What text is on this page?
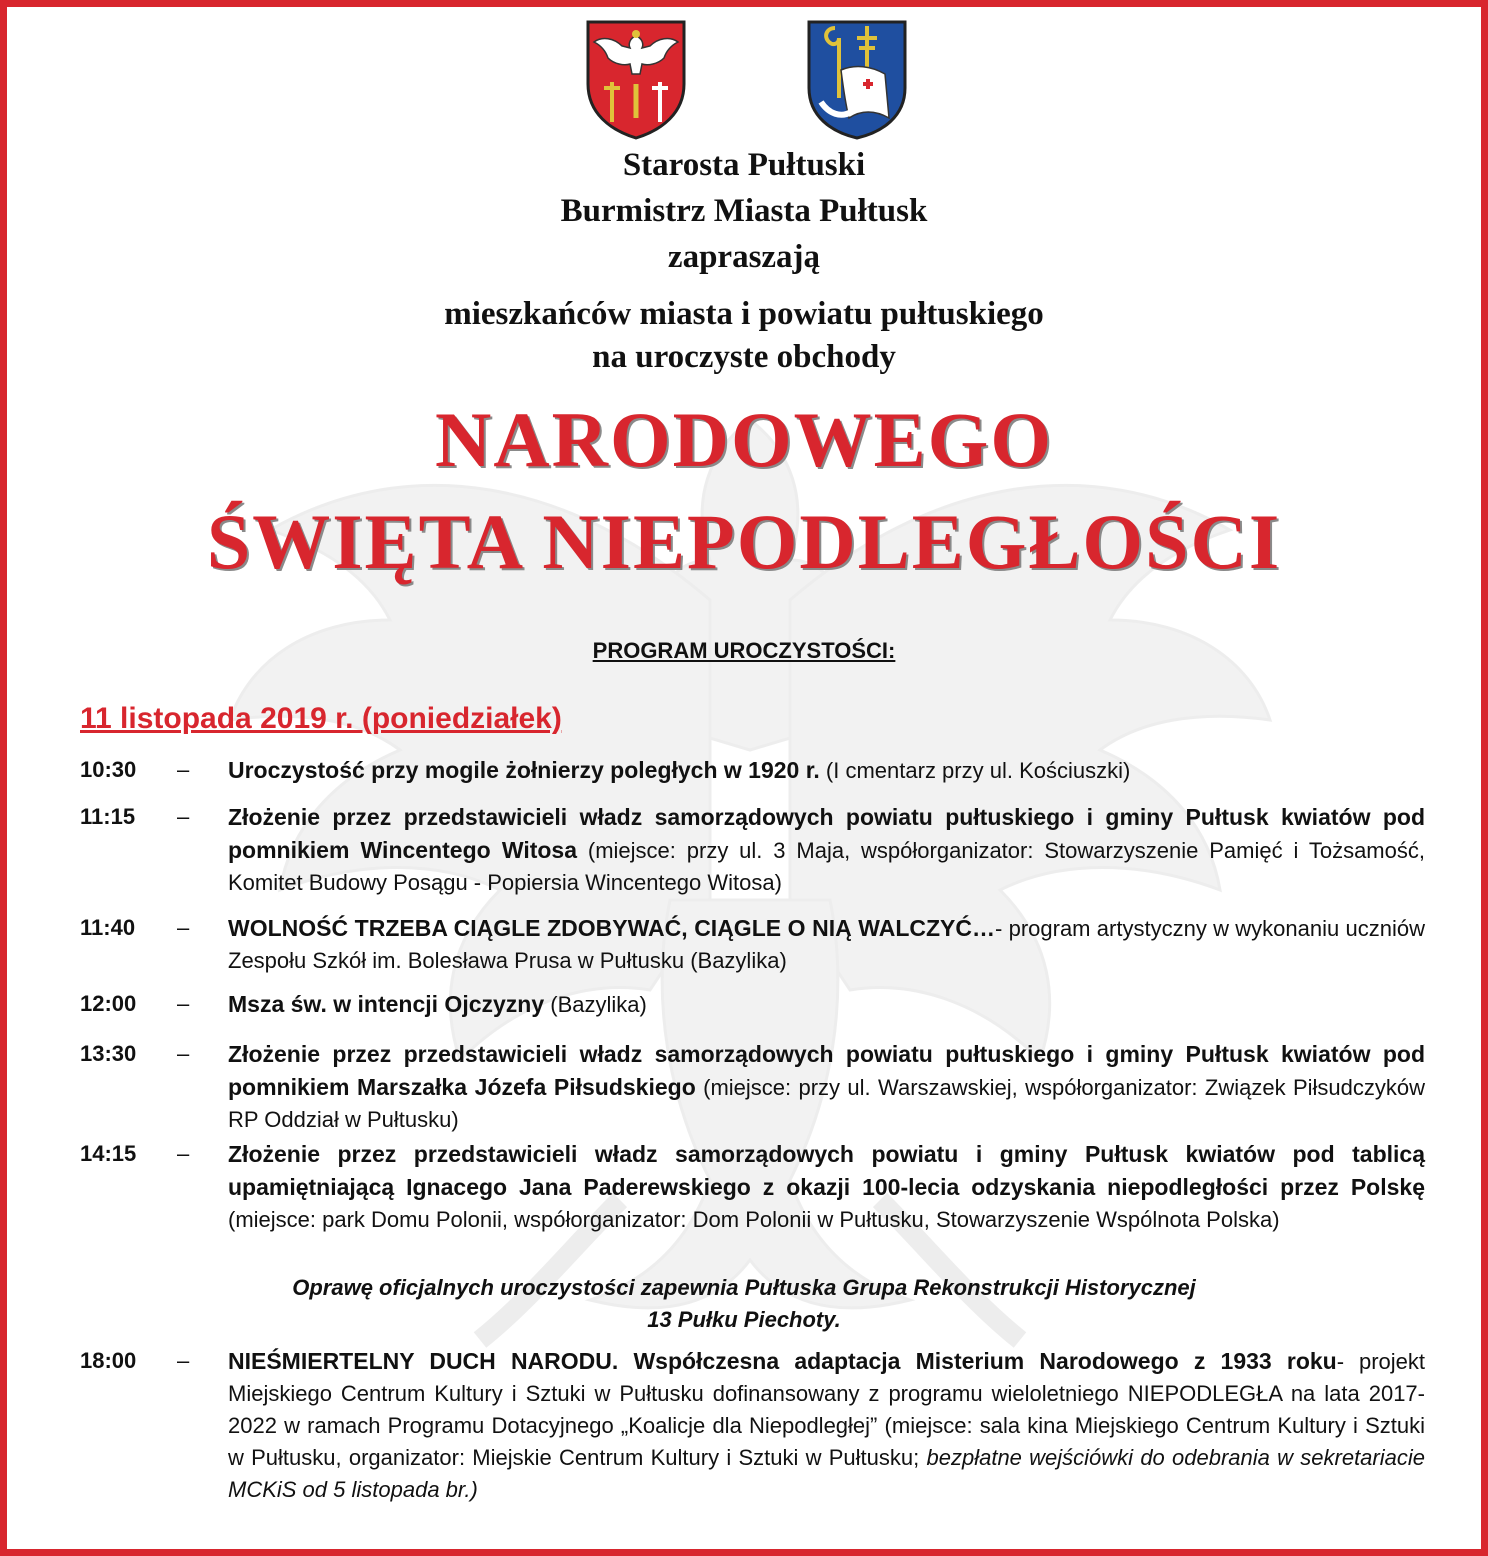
Starosta Pułtuski
Burmistrz Miasta Pułtusk
zapraszają
mieszkańców miasta i powiatu pułtuskiego
na uroczyste obchody
NARODOWEGO
ŚWIĘTA NIEPODLEGŁOŚCI
PROGRAM UROCZYSTOŚCI:
11 listopada 2019 r. (poniedziałek)
10:30	– Uroczystość przy mogile żołnierzy poległych w 1920 r. (I cmentarz przy ul. Kościuszki)
11:15	– Złożenie przez przedstawicieli władz samorządowych powiatu pułtuskiego i gminy Pułtusk kwiatów pod pomnikiem Wincentego Witosa (miejsce: przy ul. 3 Maja, współorganizator: Stowarzyszenie Pamięć i Tożsamość, Komitet Budowy Posągu - Popiersia Wincentego Witosa)
11:40	– WOLNOŚĆ TRZEBA CIĄGLE ZDOBYWAĆ, CIĄGLE O NIĄ WALCZYĆ…- program artystyczny w wykonaniu uczniów Zespołu Szkół im. Bolesława Prusa w Pułtusku (Bazylika)
12:00	– Msza św. w intencji Ojczyzny (Bazylika)
13:30	– Złożenie przez przedstawicieli władz samorządowych powiatu pułtuskiego i gminy Pułtusk kwiatów pod pomnikiem Marszałka Józefa Piłsudskiego (miejsce: przy ul. Warszawskiej, współorganizator: Związek Piłsudczyków RP Oddział w Pułtusku)
14:15	– Złożenie przez przedstawicieli władz samorządowych powiatu i gminy Pułtusk kwiatów pod tablicą upamiętniającą Ignacego Jana Paderewskiego z okazji 100-lecia odzyskania niepodległości przez Polskę (miejsce: park Domu Polonii, współorganizator: Dom Polonii w Pułtusku, Stowarzyszenie Wspólnota Polska)
Oprawę oficjalnych uroczystości zapewnia Pułtuska Grupa Rekonstrukcji Historycznej
13 Pułku Piechoty.
18:00	– NIEŚMIERTELNY DUCH NARODU. Współczesna adaptacja Misterium Narodowego z 1933 roku- projekt Miejskiego Centrum Kultury i Sztuki w Pułtusku dofinansowany z programu wieloletniego NIEPODLEGŁA na lata 2017-2022 w ramach Programu Dotacyjnego „Koalicje dla Niepodległej” (miejsce: sala kina Miejskiego Centrum Kultury i Sztuki w Pułtusku, organizator: Miejskie Centrum Kultury i Sztuki w Pułtusku; bezpłatne wejściówki do odebrania w sekretariacie MCKiS od 5 listopada br.)
